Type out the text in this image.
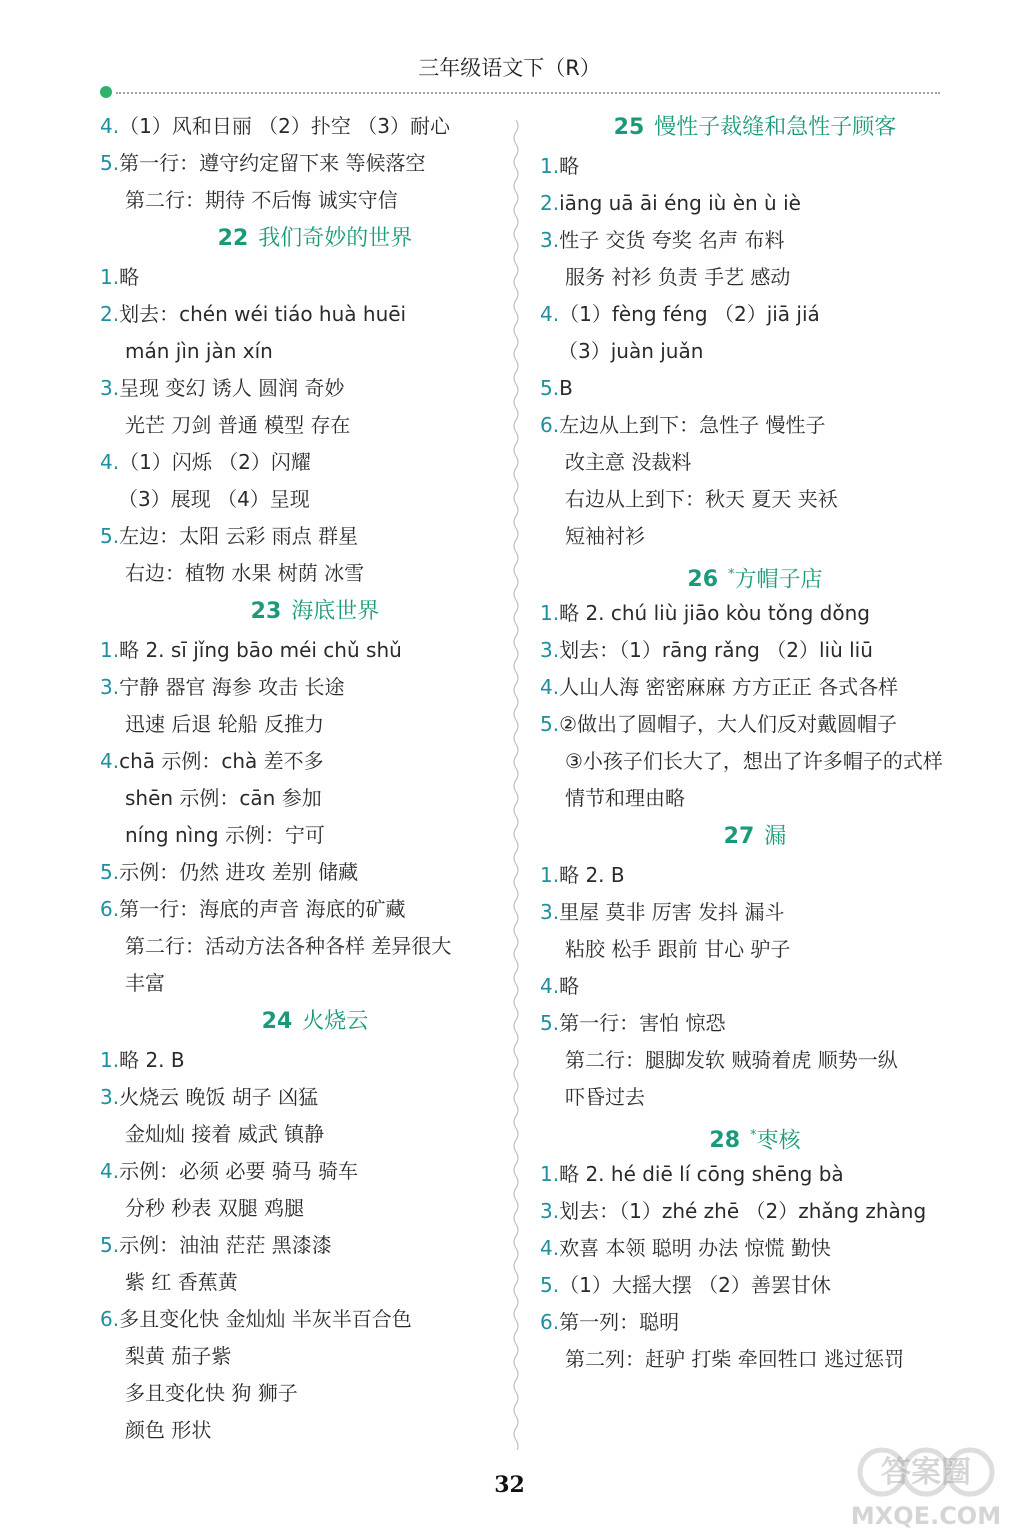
三年级语文下（R）
4.（1）风和日丽 （2）扑空 （3）耐心
5.第一行：遵守约定留下来 等候落空
第二行：期待 不后悔 诚实守信
22 我们奇妙的世界
1.略
2.划去：chén wéi tiáo huà huēi
mán jìn jàn xín
3.呈现 变幻 诱人 圆润 奇妙
光芒 刀剑 普通 模型 存在
4.（1）闪烁 （2）闪耀
（3）展现 （4）呈现
5.左边：太阳 云彩 雨点 群星
右边：植物 水果 树荫 冰雪
23 海底世界
1.略 2. sī jǐng bāo méi chǔ shǔ
3.宁静 器官 海参 攻击 长途
迅速 后退 轮船 反推力
4.chā 示例：chà 差不多
shēn 示例：cān 参加
níng nìng 示例：宁可
5.示例：仍然 进攻 差别 储藏
6.第一行：海底的声音 海底的矿藏
第二行：活动方法各种各样 差异很大
丰富
24 火烧云
1.略 2. B
3.火烧云 晚饭 胡子 凶猛
金灿灿 接着 威武 镇静
4.示例：必须 必要 骑马 骑车
分秒 秒表 双腿 鸡腿
5.示例：油油 茫茫 黑漆漆
紫 红 香蕉黄
6.多且变化快 金灿灿 半灰半百合色
梨黄 茄子紫
多且变化快 狗 狮子
颜色 形状
25 慢性子裁缝和急性子顾客
1.略
2.iāng uā āi éng iù èn ù iè
3.性子 交货 夸奖 名声 布料
服务 衬衫 负责 手艺 感动
4.（1）fèng féng （2）jiā jiá
（3）juàn juǎn
5.B
6.左边从上到下：急性子 慢性子
改主意 没裁料
右边从上到下：秋天 夏天 夹袄
短袖衬衫
26 *方帽子店
1.略 2. chú liù jiāo kòu tǒng dǒng
3.划去：（1）rāng rǎng （2）liù liū
4.人山人海 密密麻麻 方方正正 各式各样
5.②做出了圆帽子，大人们反对戴圆帽子
③小孩子们长大了，想出了许多帽子的式样
情节和理由略
27 漏
1.略 2. B
3.里屋 莫非 厉害 发抖 漏斗
粘胶 松手 跟前 甘心 驴子
4.略
5.第一行：害怕 惊恐
第二行：腿脚发软 贼骑着虎 顺势一纵
吓昏过去
28 *枣核
1.略 2. hé diē lí cōng shēng bà
3.划去：（1）zhé zhē （2）zhǎng zhàng
4.欢喜 本领 聪明 办法 惊慌 勤快
5.（1）大摇大摆 （2）善罢甘休
6.第一列：聪明
第二列：赶驴 打柴 牵回牲口 逃过惩罚
32	答案圈
MXQE.COM
